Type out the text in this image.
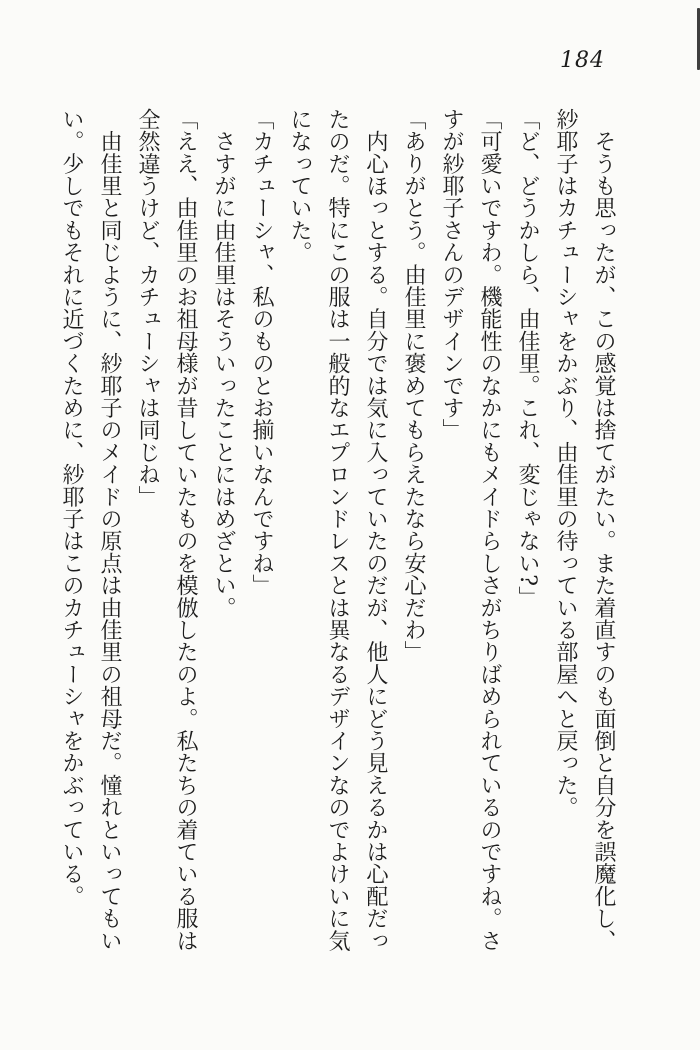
184

　そうも思ったが、この感覚は捨てがたい。また着直すのも面倒と自分を誤魔化し、

紗耶子はカチューシャをかぶり、由佳里の待っている部屋へと戻った。

「ど、どうかしら、由佳里。これ、変じゃない?」

「可愛いですわ。機能性のなかにもメイドらしさがちりばめられているのですね。さ

すが紗耶子さんのデザインです」

「ありがとう。由佳里に褒めてもらえたなら安心だわ」

　内心ほっとする。自分では気に入っていたのだが、他人にどう見えるかは心配だっ

たのだ。特にこの服は一般的なエプロンドレスとは異なるデザインなのでよけいに気

になっていた。

「カチューシャ、私のものとお揃いなんですね」

　さすがに由佳里はそういったことにはめざとい。

「ええ、由佳里のお祖母様が昔していたものを模倣したのよ。私たちの着ている服は

全然違うけど、カチューシャは同じね」

　由佳里と同じように、紗耶子のメイドの原点は由佳里の祖母だ。憧れといってもい

い。少しでもそれに近づくために、紗耶子はこのカチューシャをかぶっている。
